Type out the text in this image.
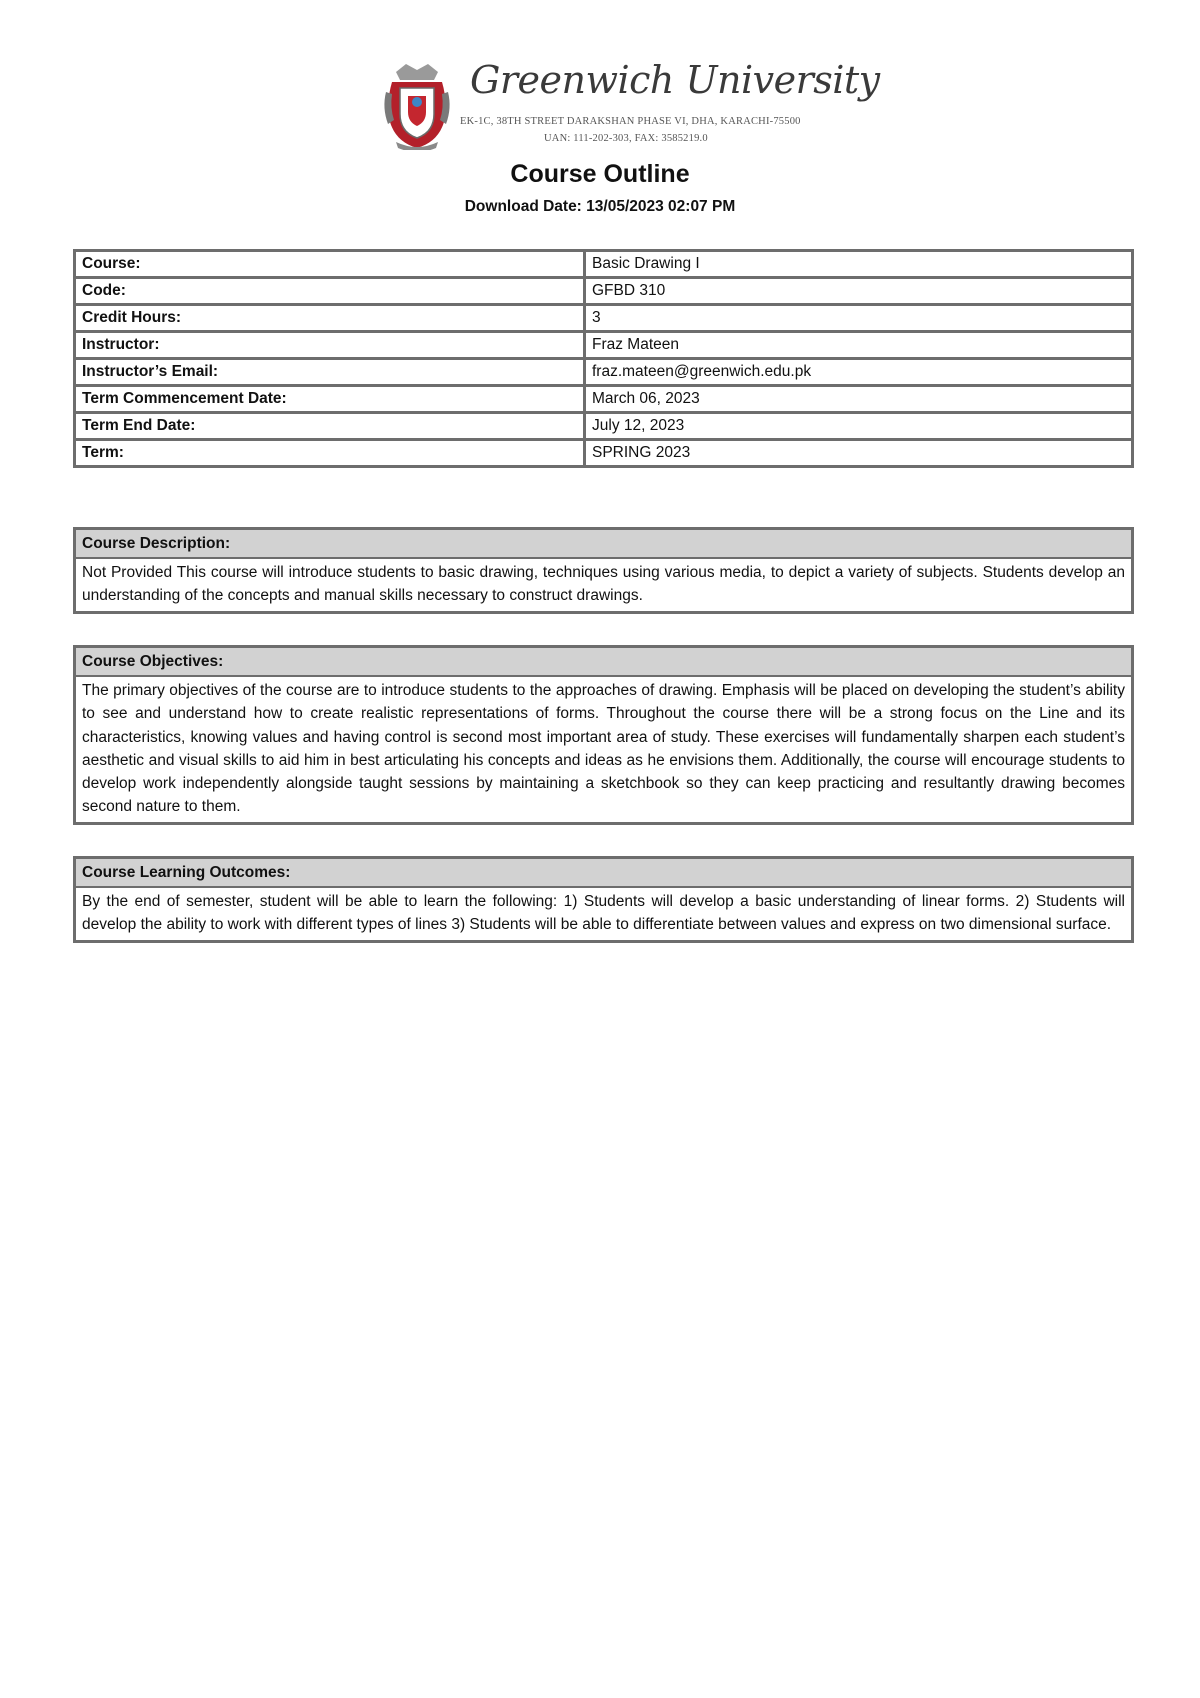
Greenwich University
EK-1C, 38TH STREET DARAKSHAN PHASE VI, DHA, KARACHI-75500
UAN: 111-202-303, FAX: 3585219.0
Course Outline
Download Date: 13/05/2023 02:07 PM
Course:	Basic Drawing I
Code:	GFBD 310
Credit Hours:	3
Instructor:	Fraz Mateen
Instructor’s Email:	fraz.mateen@greenwich.edu.pk
Term Commencement Date:	March 06, 2023
Term End Date:	July 12, 2023
Term:	SPRING 2023
Course Description:
Not Provided This course will introduce students to basic drawing, techniques using various media, to depict a variety of subjects. Students develop an understanding of the concepts and manual skills necessary to construct drawings.
Course Objectives:
The primary objectives of the course are to introduce students to the approaches of drawing. Emphasis will be placed on developing the student’s ability to see and understand how to create realistic representations of forms. Throughout the course there will be a strong focus on the Line and its characteristics, knowing values and having control is second most important area of study. These exercises will fundamentally sharpen each student’s aesthetic and visual skills to aid him in best articulating his concepts and ideas as he envisions them. Additionally, the course will encourage students to develop work independently alongside taught sessions by maintaining a sketchbook so they can keep practicing and resultantly drawing becomes second nature to them.
Course Learning Outcomes:
By the end of semester, student will be able to learn the following: 1) Students will develop a basic understanding of linear forms. 2) Students will develop the ability to work with different types of lines 3) Students will be able to differentiate between values and express on two dimensional surface.
